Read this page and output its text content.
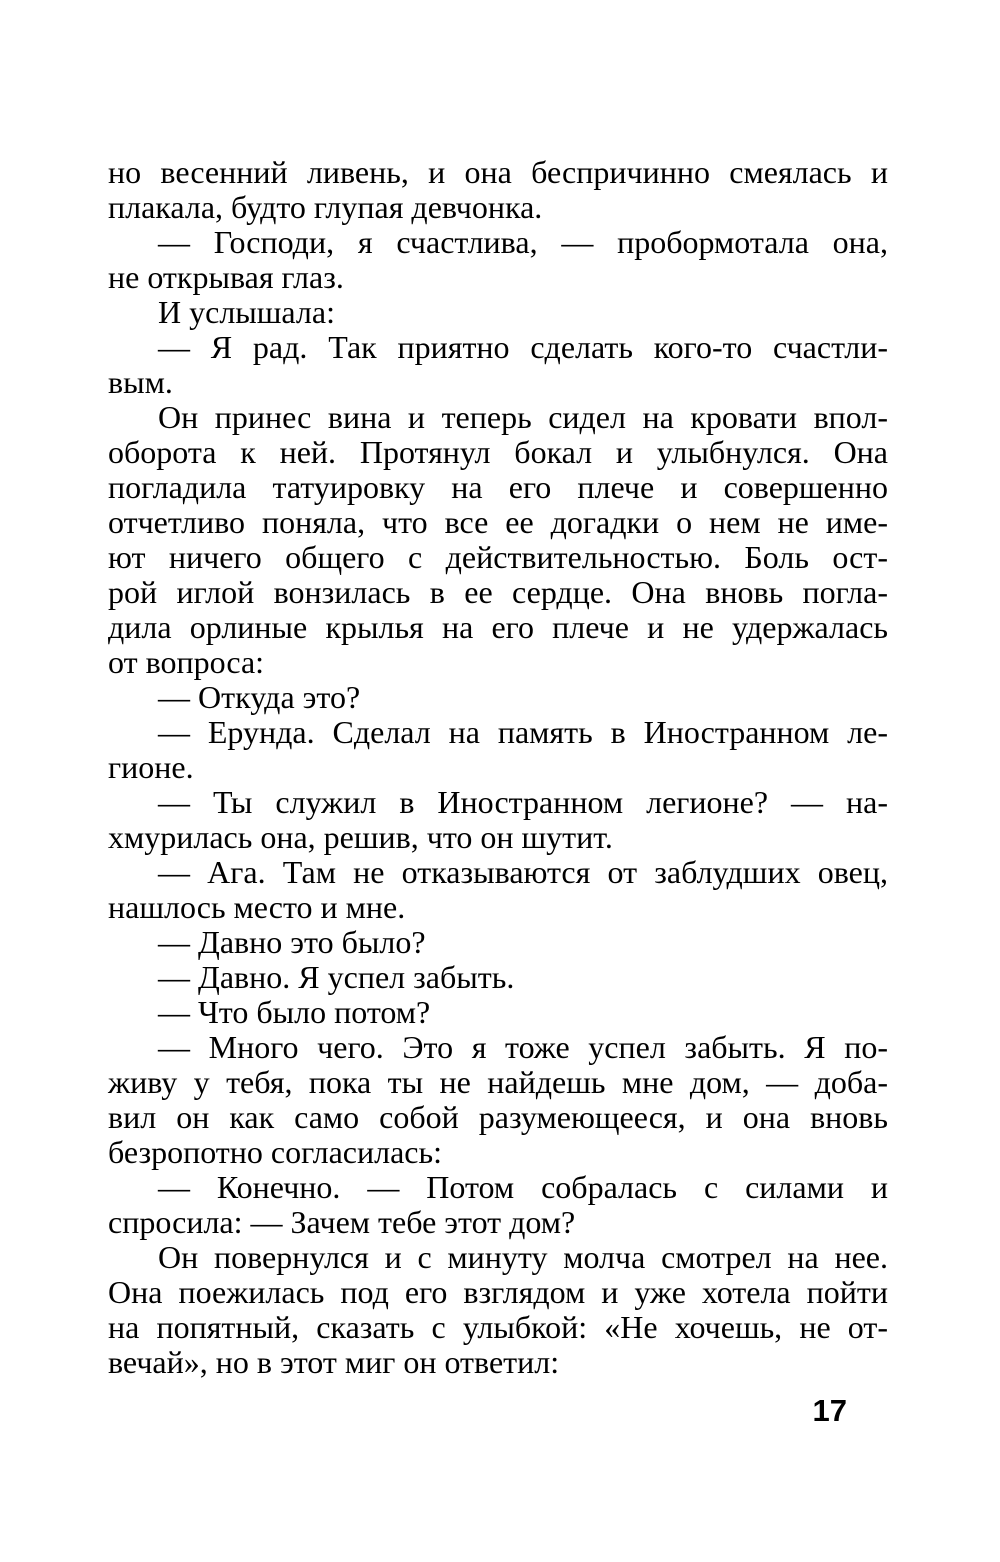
но весенний ливень, и она беспричинно смеялась и
плакала, будто глупая девчонка.
— Господи, я счастлива, — пробормотала она,
не открывая глаз.
И услышала:
— Я рад. Так приятно сделать кого-то счастли-
вым.
Он принес вина и теперь сидел на кровати впол-
оборота к ней. Протянул бокал и улыбнулся. Она
погладила татуировку на его плече и совершенно
отчетливо поняла, что все ее догадки о нем не име-
ют ничего общего с действительностью. Боль ост-
рой иглой вонзилась в ее сердце. Она вновь погла-
дила орлиные крылья на его плече и не удержалась
от вопроса:
— Откуда это?
— Ерунда. Сделал на память в Иностранном ле-
гионе.
— Ты служил в Иностранном легионе? — на-
хмурилась она, решив, что он шутит.
— Ага. Там не отказываются от заблудших овец,
нашлось место и мне.
— Давно это было?
— Давно. Я успел забыть.
— Что было потом?
— Много чего. Это я тоже успел забыть. Я по-
живу у тебя, пока ты не найдешь мне дом, — доба-
вил он как само собой разумеющееся, и она вновь
безропотно согласилась:
— Конечно. — Потом собралась с силами и
спросила: — Зачем тебе этот дом?
Он повернулся и с минуту молча смотрел на нее.
Она поежилась под его взглядом и уже хотела пойти
на попятный, сказать с улыбкой: «Не хочешь, не от-
вечай», но в этот миг он ответил:
17
